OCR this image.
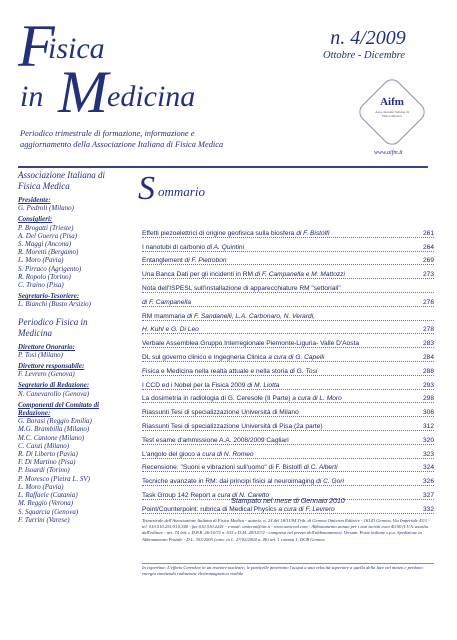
F
isica
in M edicina
n. 4/2009
Ottobre - Dicembre
Aifm
Associazione Italiana di Fisica Medica
www.aifm.it
Periodico trimestrale di formazione, informazione e aggiornamento della Associazione Italiana di Fisica Medica
Associazione Italiana di Fisica Medica
Presidente:
G. Pedroli (Milano)
Consiglieri:
P. Brogatti (Trieste)
A. Del Guerra (Pisa)
S. Maggi (Ancona)
R. Moretti (Bergamo)
L. Moro (Pavia)
S. Pirraco (Agrigento)
R. Ropolo (Torino)
C. Traino (Pisa)
Segretario-Tesoriere:
L. Bianchi (Busto Arsizio)
Periodico Fisica in Medicina
Direttore Onorario:
P. Tosi (Milano)
Direttore responsabile:
F. Levrero (Genova)
Segretario di Redazione:
N. Canevarollo (Genova)
Componenti del Comitato di Redazione:
G. Borasi (Reggio Emilia)
M.G. Brambilla (Milano)
M.C. Cantone (Milano)
C. Canzi (Milano)
R. Di Liberto (Pavia)
F. Di Martino (Pisa)
P. Isoardi (Torino)
P. Moresco (Pietra L. SV)
L. Moro (Pavia)
L. Raffaele (Catania)
M. Reggio (Verona)
S. Squarcia (Genova)
F. Turrini (Varese)
S ommario
Effetti piezoelettrici di origine geofisica sulla biosfera di F. Bistolfi	261
I nanotubi di carbonio di A. Quintini	264
Entanglement di F. Pietrobon	269
Una Banca Dati per gli incidenti in RM di F. Campanella e M. Mattozzi	273
Nota dell'ISPESL sull'installazione di apparecchiature RM "settoriali"
di F. Campanella	276
RM mammaria di F. Sandanelli, L.A. Carbonaro, N. Verardi,
H. Kuhl e G. Di Leo	278
Verbale Assemblea Gruppo Interregionale Piemonte-Liguria- Valle D'Aosta	283
DL sul governo clinico e Ingegneria Clinica a cura di G. Capelli	284
Fisica e Medicina nella realtà attuale e nella storia di G. Tosi	288
I CCD ed i Nobel per la Fisica 2009 di M. Liotta	293
La dosimetria in radiologia di G. Ceresole (II Parte) a cura di L. Moro	298
Riassunti Tesi di specializzazione Università di Milano	306
Riassunti Tesi di specializzazione Università di Pisa (2a parte)	312
Test esame d'ammissione A.A. 2008/2009 Cagliari	320
L'angolo del gioco a cura di N. Romeo	323
Recensione: "Suoni e vibrazioni sull'uomo" di F. Bistolfi di C. Alberti	324
Tecniche avanzate in RM: dai principi fisici al neuroimaging di C. Gori	326
Task Group 142 Report a cura di N. Caretto	327
Point/Counterpoint: rubrica di Medical Physics a cura di F. Levrero	332
Stampato nel mese di Gennaio 2010
Trimestrale dell'Associazione Italiana di Fisica Medica - autoriz. n. 24 del 18/11/94 Trib. di Genova Omicron Editrice - 16143 Genova, Via Imperiale 43/1 - tel. 010.510.251/510.340 - fax 010.510.2241 - e-mail: omicron@tin.it - www.omicred.com - Abbonamento annuo per i non iscritti euro 40.00 (I.V.A. assolta dall'editore - art. 74 lett. c D.P.R. 26/10/72 n. 633 e D.M. 28/12/72 - compresa nel prezzo dell'abbonamento). Versam. Poste italiane s.p.a. Spedizione in Abbonamento Postale - D.L. 353/2003 (conv. in L. 27/02/2004 n. 46) art. 1 comma 1, DCB Genova
In copertina: L'effetto Cerenkov in un reattore nucleare; le particelle penetrano l'acqua a una velocità superiore a quella della luce nel mezzo e perdono energia emettendo radiazione elettromagnetica visibile
